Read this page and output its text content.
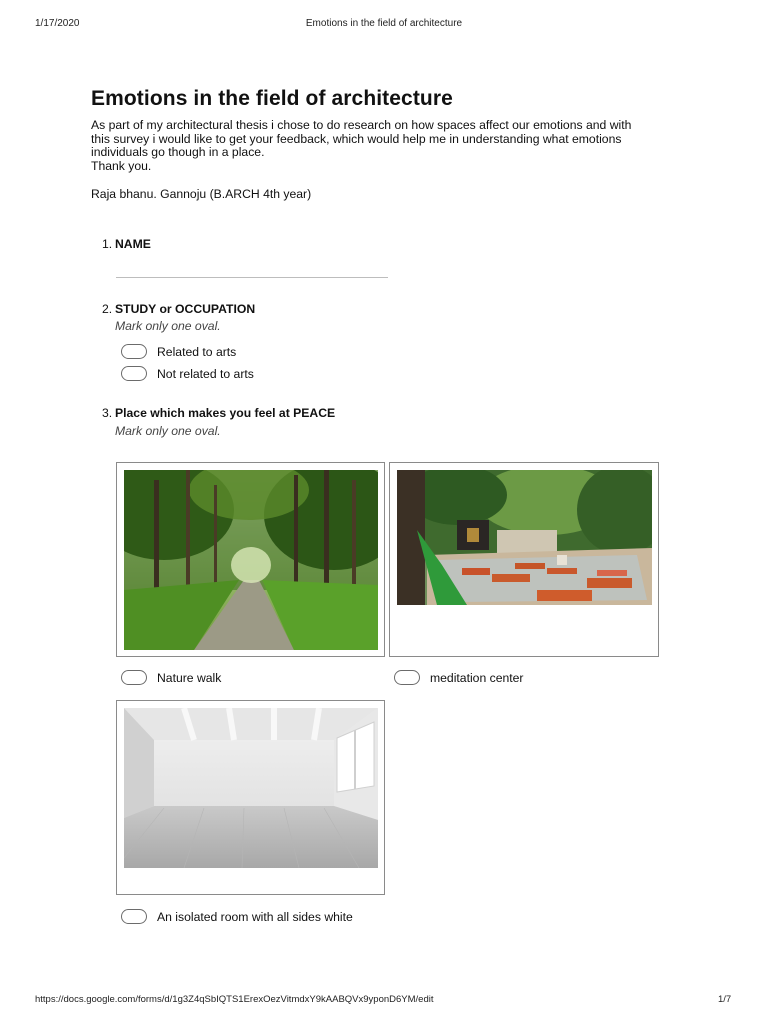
1/17/2020	Emotions in the field of architecture
Emotions in the field of architecture
As part of my architectural thesis i chose to do research on how spaces affect our emotions and with
this survey i would like to get your feedback, which would help me in understanding what emotions
individuals go though in a place.
Thank you.
Raja bhanu. Gannoju (B.ARCH 4th year)
1. NAME
2. STUDY or OCCUPATION
Mark only one oval.
Related to arts
Not related to arts
3. Place which makes you feel at PEACE
Mark only one oval.
Nature walk	meditation center
An isolated room with all sides white
https://docs.google.com/forms/d/1g3Z4qSbIQTS1ErexOezVitmdxY9kAABQVx9yponD6YM/edit	1/7
